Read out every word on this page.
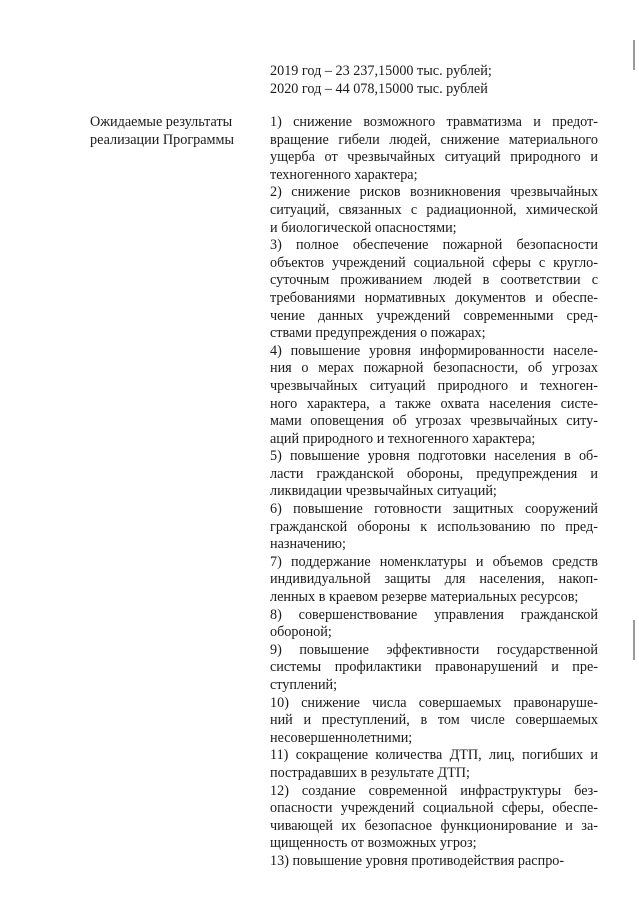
2019 год – 23 237,15000 тыс. рублей;
2020 год – 44 078,15000 тыс. рублей
Ожидаемые результаты
реализации Программы
1) снижение возможного травматизма и предот-
вращение гибели людей, снижение материального
ущерба от чрезвычайных ситуаций природного и
техногенного характера;
2) снижение рисков возникновения чрезвычайных
ситуаций, связанных с радиационной, химической
и биологической опасностями;
3) полное обеспечение пожарной безопасности
объектов учреждений социальной сферы с кругло-
суточным проживанием людей в соответствии с
требованиями нормативных документов и обеспе-
чение данных учреждений современными сред-
ствами предупреждения о пожарах;
4) повышение уровня информированности населе-
ния о мерах пожарной безопасности, об угрозах
чрезвычайных ситуаций природного и техноген-
ного характера, а также охвата населения систе-
мами оповещения об угрозах чрезвычайных ситу-
аций природного и техногенного характера;
5) повышение уровня подготовки населения в об-
ласти гражданской обороны, предупреждения и
ликвидации чрезвычайных ситуаций;
6) повышение готовности защитных сооружений
гражданской обороны к использованию по пред-
назначению;
7) поддержание номенклатуры и объемов средств
индивидуальной защиты для населения, накоп-
ленных в краевом резерве материальных ресурсов;
8) совершенствование управления гражданской
обороной;
9) повышение эффективности государственной
системы профилактики правонарушений и пре-
ступлений;
10) снижение числа совершаемых правонаруше-
ний и преступлений, в том числе совершаемых
несовершеннолетними;
11) сокращение количества ДТП, лиц, погибших и
пострадавших в результате ДТП;
12) создание современной инфраструктуры без-
опасности учреждений социальной сферы, обеспе-
чивающей их безопасное функционирование и за-
щищенность от возможных угроз;
13) повышение уровня противодействия распро-
